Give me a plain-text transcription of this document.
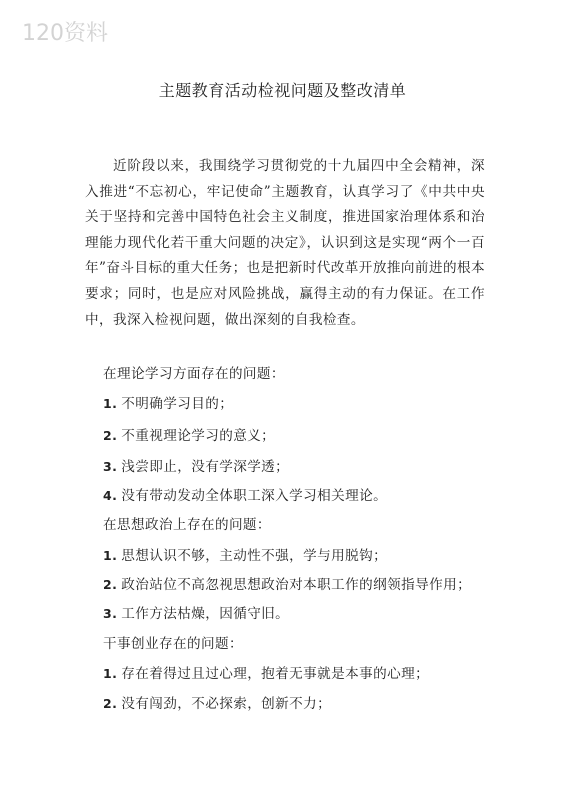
120资料
主题教育活动检视问题及整改清单
近阶段以来，我围绕学习贯彻党的十九届四中全会精神，深入推进“不忘初心，牢记使命”主题教育，认真学习了《中共中央关于坚持和完善中国特色社会主义制度，推进国家治理体系和治理能力现代化若干重大问题的决定》，认识到这是实现“两个一百年”奋斗目标的重大任务；也是把新时代改革开放推向前进的根本要求；同时，也是应对风险挑战，赢得主动的有力保证。在工作中，我深入检视问题，做出深刻的自我检查。
在理论学习方面存在的问题：
1. 不明确学习目的；
2. 不重视理论学习的意义；
3. 浅尝即止，没有学深学透；
4. 没有带动发动全体职工深入学习相关理论。
在思想政治上存在的问题：
1. 思想认识不够，主动性不强，学与用脱钩；
2. 政治站位不高忽视思想政治对本职工作的纲领指导作用；
3. 工作方法枯燥，因循守旧。
干事创业存在的问题：
1. 存在着得过且过心理，抱着无事就是本事的心理；
2. 没有闯劲，不必探索，创新不力；
